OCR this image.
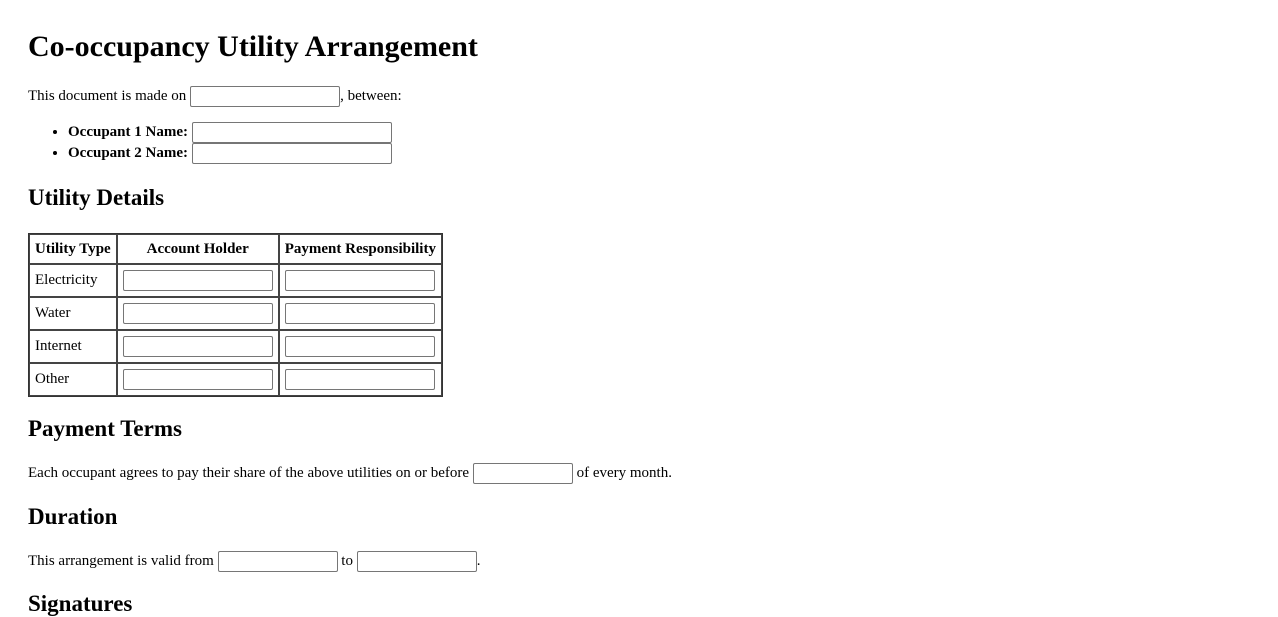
Co-occupancy Utility Arrangement
This document is made on	, between:
• Occupant 1 Name:
• Occupant 2 Name:
Utility Details
Utility Type	Account Holder	Payment Responsibility
Electricity		
Water		
Internet		
Other		
Payment Terms
Each occupant agrees to pay their share of the above utilities on or before	of every month.
Duration
This arrangement is valid from	to	.
Signatures
